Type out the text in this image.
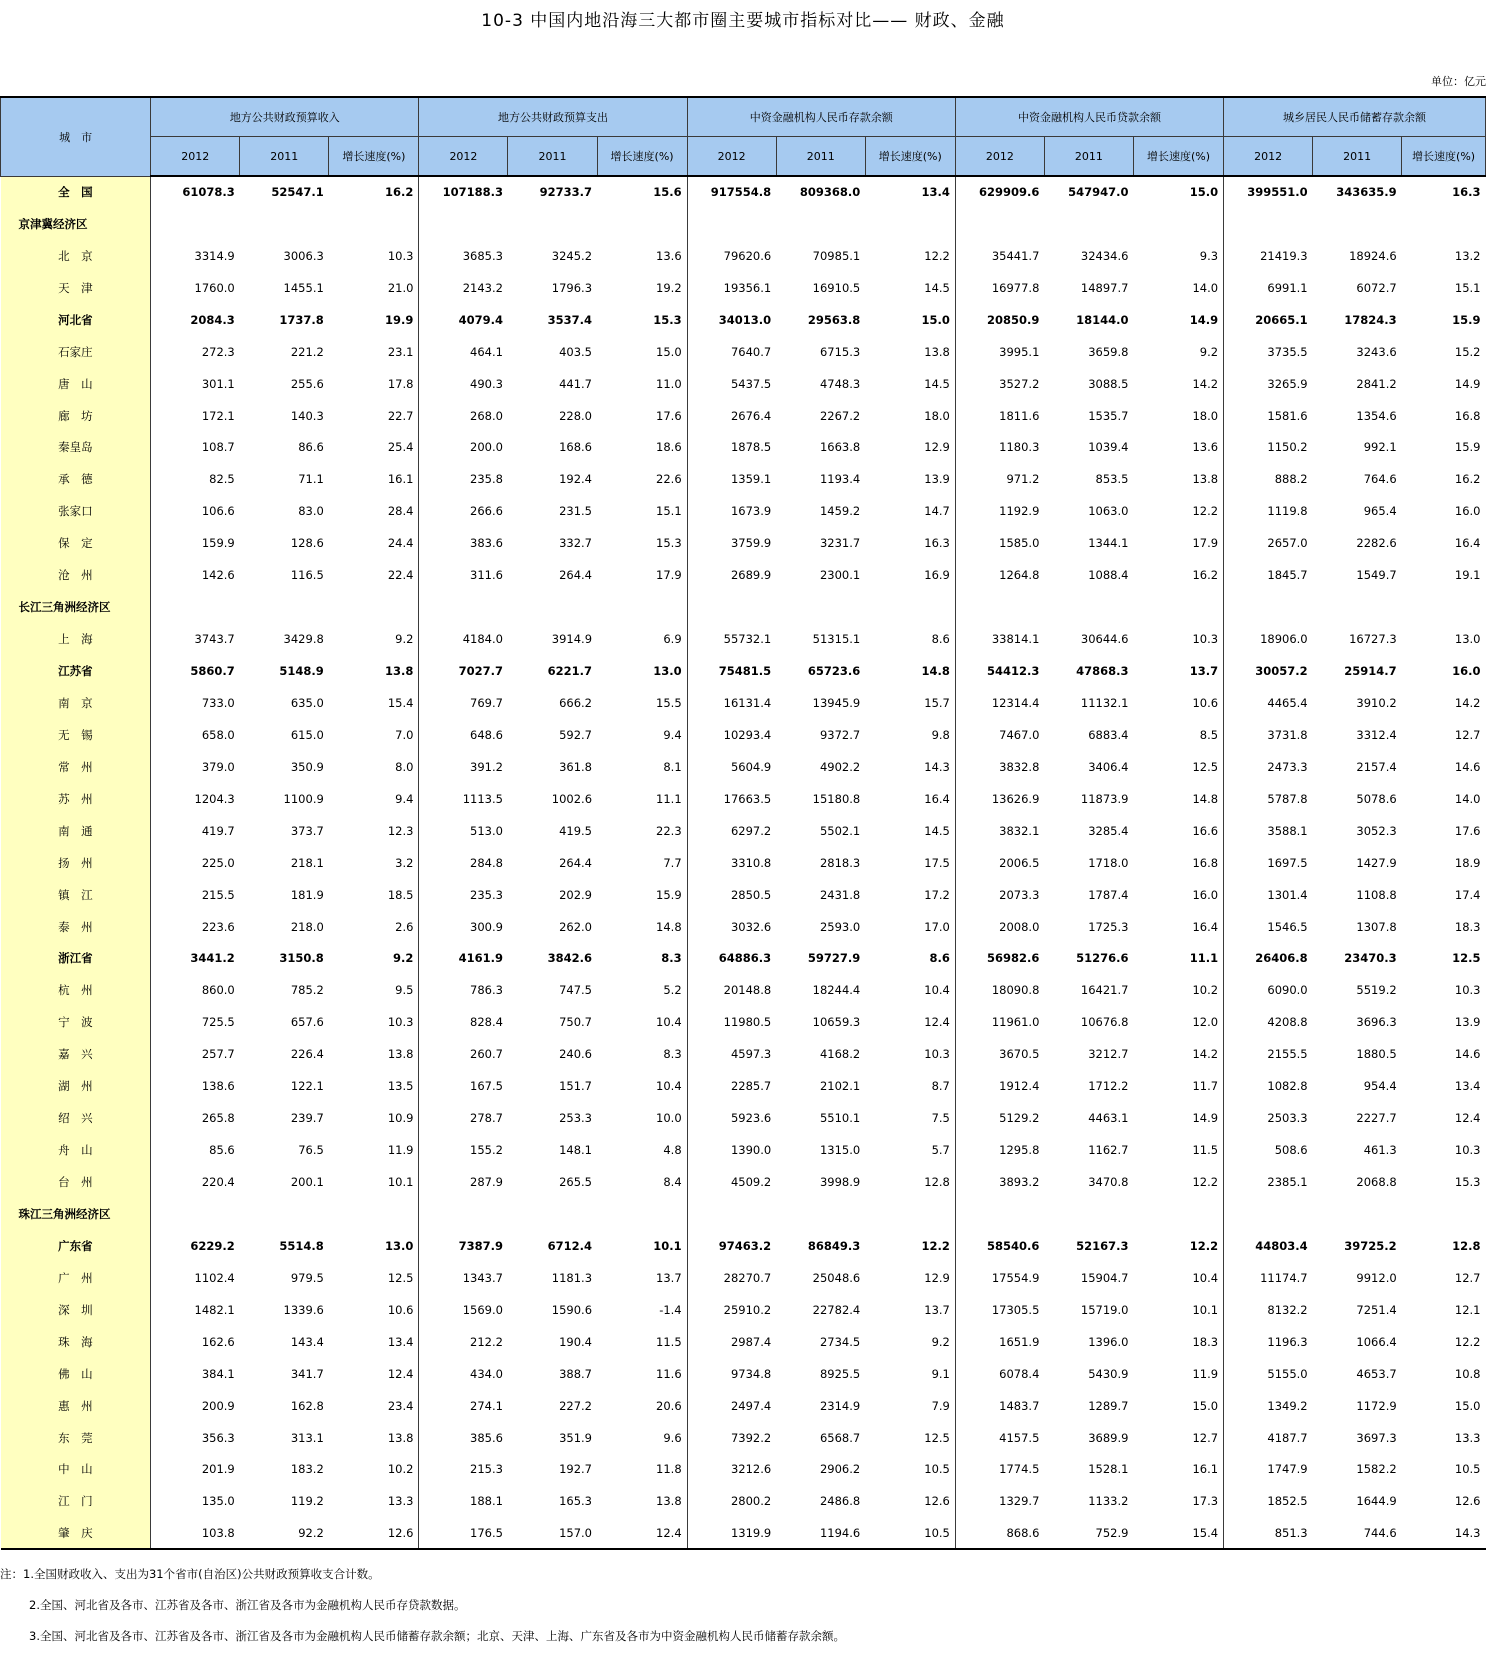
10-3 中国内地沿海三大都市圈主要城市指标对比—— 财政、金融
单位：亿元
城　市	地方公共财政预算收入			地方公共财政预算支出			中资金融机构人民币存款余额			中资金融机构人民币贷款余额			城乡居民人民币储蓄存款余额		
	2012	2011	增长速度(%)	2012	2011	增长速度(%)	2012	2011	增长速度(%)	2012	2011	增长速度(%)	2012	2011	增长速度(%)
全　国	61078.3	52547.1	16.2	107188.3	92733.7	15.6	917554.8	809368.0	13.4	629909.6	547947.0	15.0	399551.0	343635.9	16.3
京津冀经济区															
北　京	3314.9	3006.3	10.3	3685.3	3245.2	13.6	79620.6	70985.1	12.2	35441.7	32434.6	9.3	21419.3	18924.6	13.2
天　津	1760.0	1455.1	21.0	2143.2	1796.3	19.2	19356.1	16910.5	14.5	16977.8	14897.7	14.0	6991.1	6072.7	15.1
河北省	2084.3	1737.8	19.9	4079.4	3537.4	15.3	34013.0	29563.8	15.0	20850.9	18144.0	14.9	20665.1	17824.3	15.9
石家庄	272.3	221.2	23.1	464.1	403.5	15.0	7640.7	6715.3	13.8	3995.1	3659.8	9.2	3735.5	3243.6	15.2
唐　山	301.1	255.6	17.8	490.3	441.7	11.0	5437.5	4748.3	14.5	3527.2	3088.5	14.2	3265.9	2841.2	14.9
廊　坊	172.1	140.3	22.7	268.0	228.0	17.6	2676.4	2267.2	18.0	1811.6	1535.7	18.0	1581.6	1354.6	16.8
秦皇岛	108.7	86.6	25.4	200.0	168.6	18.6	1878.5	1663.8	12.9	1180.3	1039.4	13.6	1150.2	992.1	15.9
承　德	82.5	71.1	16.1	235.8	192.4	22.6	1359.1	1193.4	13.9	971.2	853.5	13.8	888.2	764.6	16.2
张家口	106.6	83.0	28.4	266.6	231.5	15.1	1673.9	1459.2	14.7	1192.9	1063.0	12.2	1119.8	965.4	16.0
保　定	159.9	128.6	24.4	383.6	332.7	15.3	3759.9	3231.7	16.3	1585.0	1344.1	17.9	2657.0	2282.6	16.4
沧　州	142.6	116.5	22.4	311.6	264.4	17.9	2689.9	2300.1	16.9	1264.8	1088.4	16.2	1845.7	1549.7	19.1
长江三角洲经济区															
上　海	3743.7	3429.8	9.2	4184.0	3914.9	6.9	55732.1	51315.1	8.6	33814.1	30644.6	10.3	18906.0	16727.3	13.0
江苏省	5860.7	5148.9	13.8	7027.7	6221.7	13.0	75481.5	65723.6	14.8	54412.3	47868.3	13.7	30057.2	25914.7	16.0
南　京	733.0	635.0	15.4	769.7	666.2	15.5	16131.4	13945.9	15.7	12314.4	11132.1	10.6	4465.4	3910.2	14.2
无　锡	658.0	615.0	7.0	648.6	592.7	9.4	10293.4	9372.7	9.8	7467.0	6883.4	8.5	3731.8	3312.4	12.7
常　州	379.0	350.9	8.0	391.2	361.8	8.1	5604.9	4902.2	14.3	3832.8	3406.4	12.5	2473.3	2157.4	14.6
苏　州	1204.3	1100.9	9.4	1113.5	1002.6	11.1	17663.5	15180.8	16.4	13626.9	11873.9	14.8	5787.8	5078.6	14.0
南　通	419.7	373.7	12.3	513.0	419.5	22.3	6297.2	5502.1	14.5	3832.1	3285.4	16.6	3588.1	3052.3	17.6
扬　州	225.0	218.1	3.2	284.8	264.4	7.7	3310.8	2818.3	17.5	2006.5	1718.0	16.8	1697.5	1427.9	18.9
镇　江	215.5	181.9	18.5	235.3	202.9	15.9	2850.5	2431.8	17.2	2073.3	1787.4	16.0	1301.4	1108.8	17.4
泰　州	223.6	218.0	2.6	300.9	262.0	14.8	3032.6	2593.0	17.0	2008.0	1725.3	16.4	1546.5	1307.8	18.3
浙江省	3441.2	3150.8	9.2	4161.9	3842.6	8.3	64886.3	59727.9	8.6	56982.6	51276.6	11.1	26406.8	23470.3	12.5
杭　州	860.0	785.2	9.5	786.3	747.5	5.2	20148.8	18244.4	10.4	18090.8	16421.7	10.2	6090.0	5519.2	10.3
宁　波	725.5	657.6	10.3	828.4	750.7	10.4	11980.5	10659.3	12.4	11961.0	10676.8	12.0	4208.8	3696.3	13.9
嘉　兴	257.7	226.4	13.8	260.7	240.6	8.3	4597.3	4168.2	10.3	3670.5	3212.7	14.2	2155.5	1880.5	14.6
湖　州	138.6	122.1	13.5	167.5	151.7	10.4	2285.7	2102.1	8.7	1912.4	1712.2	11.7	1082.8	954.4	13.4
绍　兴	265.8	239.7	10.9	278.7	253.3	10.0	5923.6	5510.1	7.5	5129.2	4463.1	14.9	2503.3	2227.7	12.4
舟　山	85.6	76.5	11.9	155.2	148.1	4.8	1390.0	1315.0	5.7	1295.8	1162.7	11.5	508.6	461.3	10.3
台　州	220.4	200.1	10.1	287.9	265.5	8.4	4509.2	3998.9	12.8	3893.2	3470.8	12.2	2385.1	2068.8	15.3
珠江三角洲经济区															
广东省	6229.2	5514.8	13.0	7387.9	6712.4	10.1	97463.2	86849.3	12.2	58540.6	52167.3	12.2	44803.4	39725.2	12.8
广　州	1102.4	979.5	12.5	1343.7	1181.3	13.7	28270.7	25048.6	12.9	17554.9	15904.7	10.4	11174.7	9912.0	12.7
深　圳	1482.1	1339.6	10.6	1569.0	1590.6	-1.4	25910.2	22782.4	13.7	17305.5	15719.0	10.1	8132.2	7251.4	12.1
珠　海	162.6	143.4	13.4	212.2	190.4	11.5	2987.4	2734.5	9.2	1651.9	1396.0	18.3	1196.3	1066.4	12.2
佛　山	384.1	341.7	12.4	434.0	388.7	11.6	9734.8	8925.5	9.1	6078.4	5430.9	11.9	5155.0	4653.7	10.8
惠　州	200.9	162.8	23.4	274.1	227.2	20.6	2497.4	2314.9	7.9	1483.7	1289.7	15.0	1349.2	1172.9	15.0
东　莞	356.3	313.1	13.8	385.6	351.9	9.6	7392.2	6568.7	12.5	4157.5	3689.9	12.7	4187.7	3697.3	13.3
中　山	201.9	183.2	10.2	215.3	192.7	11.8	3212.6	2906.2	10.5	1774.5	1528.1	16.1	1747.9	1582.2	10.5
江　门	135.0	119.2	13.3	188.1	165.3	13.8	2800.2	2486.8	12.6	1329.7	1133.2	17.3	1852.5	1644.9	12.6
肇　庆	103.8	92.2	12.6	176.5	157.0	12.4	1319.9	1194.6	10.5	868.6	752.9	15.4	851.3	744.6	14.3
注：1.全国财政收入、支出为31个省市(自治区)公共财政预算收支合计数。
2.全国、河北省及各市、江苏省及各市、浙江省及各市为金融机构人民币存贷款数据。
3.全国、河北省及各市、江苏省及各市、浙江省及各市为金融机构人民币储蓄存款余额；北京、天津、上海、广东省及各市为中资金融机构人民币储蓄存款余额。
